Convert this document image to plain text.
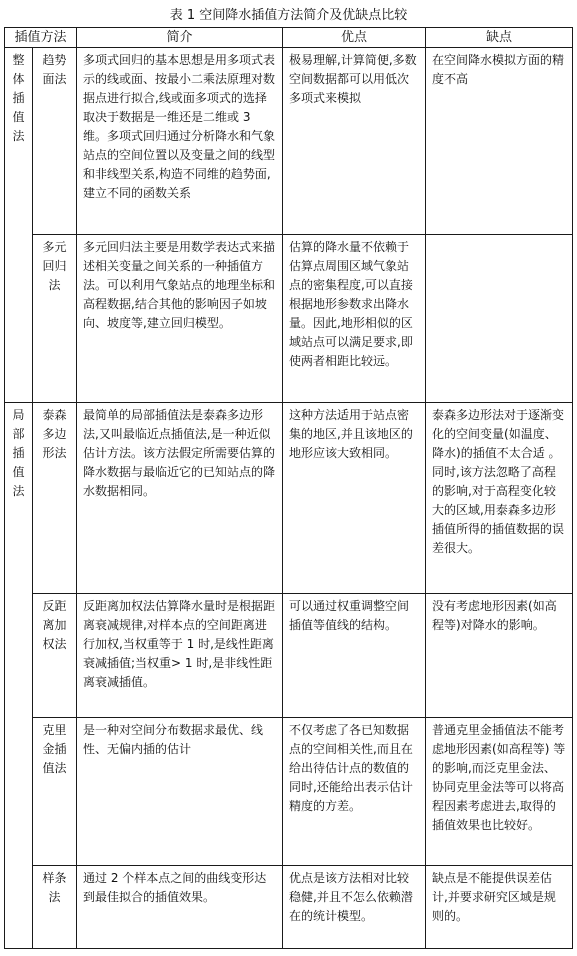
表 1 空间降水插值方法简介及优缺点比较
插值方法		简介	优点	缺点
整体插值法	趋势面法	多项式回归的基本思想是用多项式表示的线或面、按最小二乘法原理对数据点进行拟合,线或面多项式的选择取决于数据是一维还是二维或 3 维。多项式回归通过分析降水和气象站点的空间位置以及变量之间的线型和非线型关系,构造不同维的趋势面,建立不同的函数关系	极易理解,计算简便,多数空间数据都可以用低次多项式来模拟	在空间降水模拟方面的精度不高
	多元回归法	多元回归法主要是用数学表达式来描述相关变量之间关系的一种插值方法。可以利用气象站点的地理坐标和高程数据,结合其他的影响因子如坡向、坡度等,建立回归模型。	估算的降水量不依赖于估算点周围区域气象站点的密集程度,可以直接根据地形参数求出降水量。因此,地形相似的区域站点可以满足要求,即使两者相距比较远。	
局部插值法	泰森多边形法	最简单的局部插值法是泰森多边形法,又叫最临近点插值法,是一种近似估计方法。该方法假定所需要估算的降水数据与最临近它的已知站点的降水数据相同。	这种方法适用于站点密集的地区,并且该地区的地形应该大致相同。	泰森多边形法对于逐渐变化的空间变量(如温度、降水)的插值不太合适 。同时,该方法忽略了高程的影响,对于高程变化较大的区域,用泰森多边形插值所得的插值数据的误差很大。
	反距离加权法	反距离加权法估算降水量时是根据距离衰减规律,对样本点的空间距离进行加权,当权重等于 1 时,是线性距离衰减插值;当权重> 1 时,是非线性距离衰减插值。	可以通过权重调整空间插值等值线的结构。	没有考虑地形因素(如高程等)对降水的影响。
	克里金插值法	是一种对空间分布数据求最优、线性、无偏内插的估计	不仅考虑了各已知数据点的空间相关性,而且在给出待估计点的数值的同时,还能给出表示估计精度的方差。	普通克里金插值法不能考虑地形因素(如高程等) 等的影响,而泛克里金法、协同克里金法等可以将高程因素考虑进去,取得的插值效果也比较好。
	样条法	通过 2 个样本点之间的曲线变形达到最佳拟合的插值效果。	优点是该方法相对比较稳健,并且不怎么依赖潜在的统计模型。	缺点是不能提供误差估计,并要求研究区域是规则的。
